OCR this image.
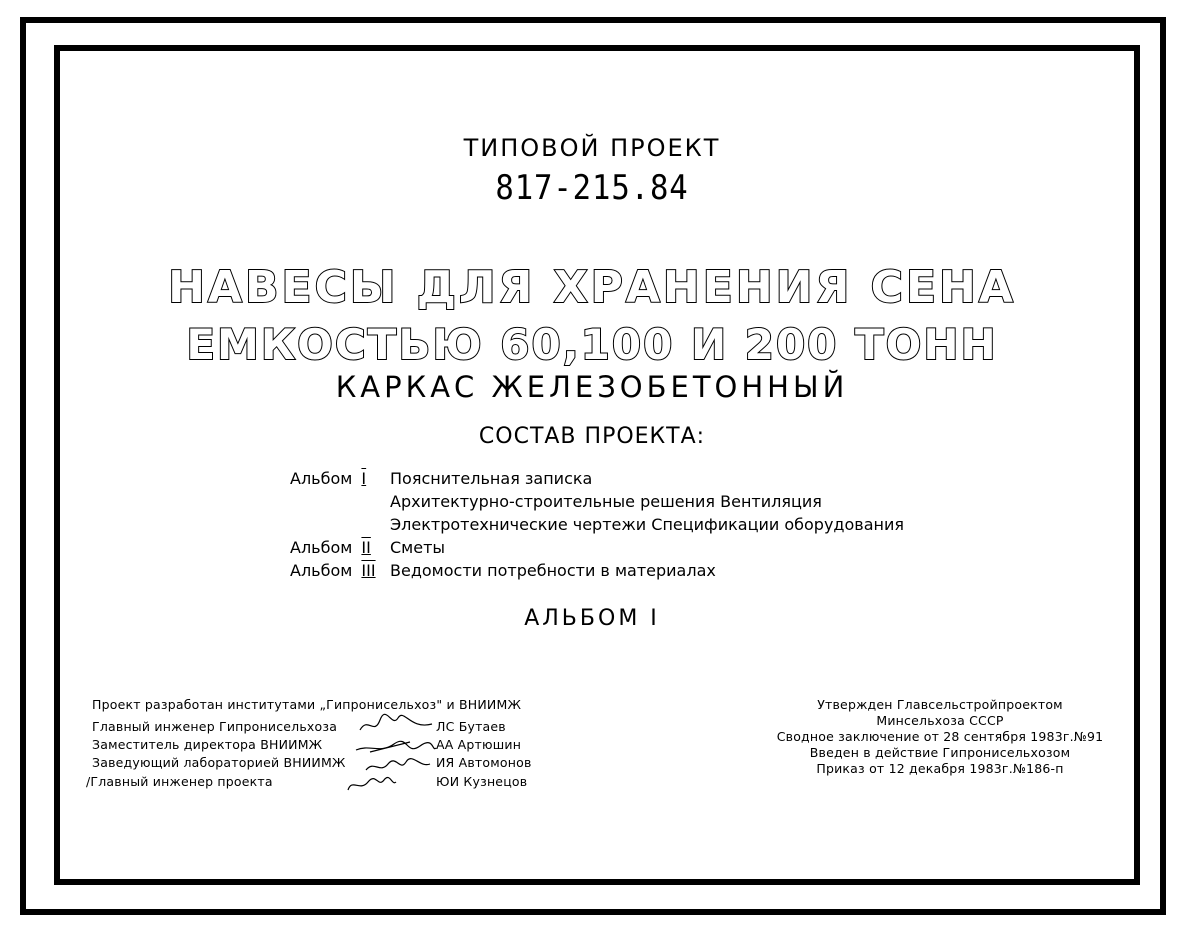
ТИПОВОЙ ПРОЕКТ
817-215.84
НАВЕСЫ ДЛЯ ХРАНЕНИЯ СЕНА
ЕМКОСТЬЮ 60,100 И 200 ТОНН
КАРКАС ЖЕЛЕЗОБЕТОННЫЙ
СОСТАВ ПРОЕКТА:
Альбом I Пояснительная записка
Архитектурно-строительные решения Вентиляция
Электротехнические чертежи Спецификации оборудования
Альбом II Сметы
Альбом III Ведомости потребности в материалах
АЛЬБОМ I
Проект разработан институтами „Гипронисельхоз" и ВНИИМЖ
Главный инженер Гипронисельхоза	ЛС Бутаев
Заместитель директора ВНИИМЖ	АА Артюшин
Заведующий лабораторией ВНИИМЖ	ИЯ Автомонов
/Главный инженер проекта	ЮИ Кузнецов
Утвержден Главсельстройпроектом
Минсельхоза СССР
Сводное заключение от 28 сентября 1983г.№91
Введен в действие Гипронисельхозом
Приказ от 12 декабря 1983г.№186-п
